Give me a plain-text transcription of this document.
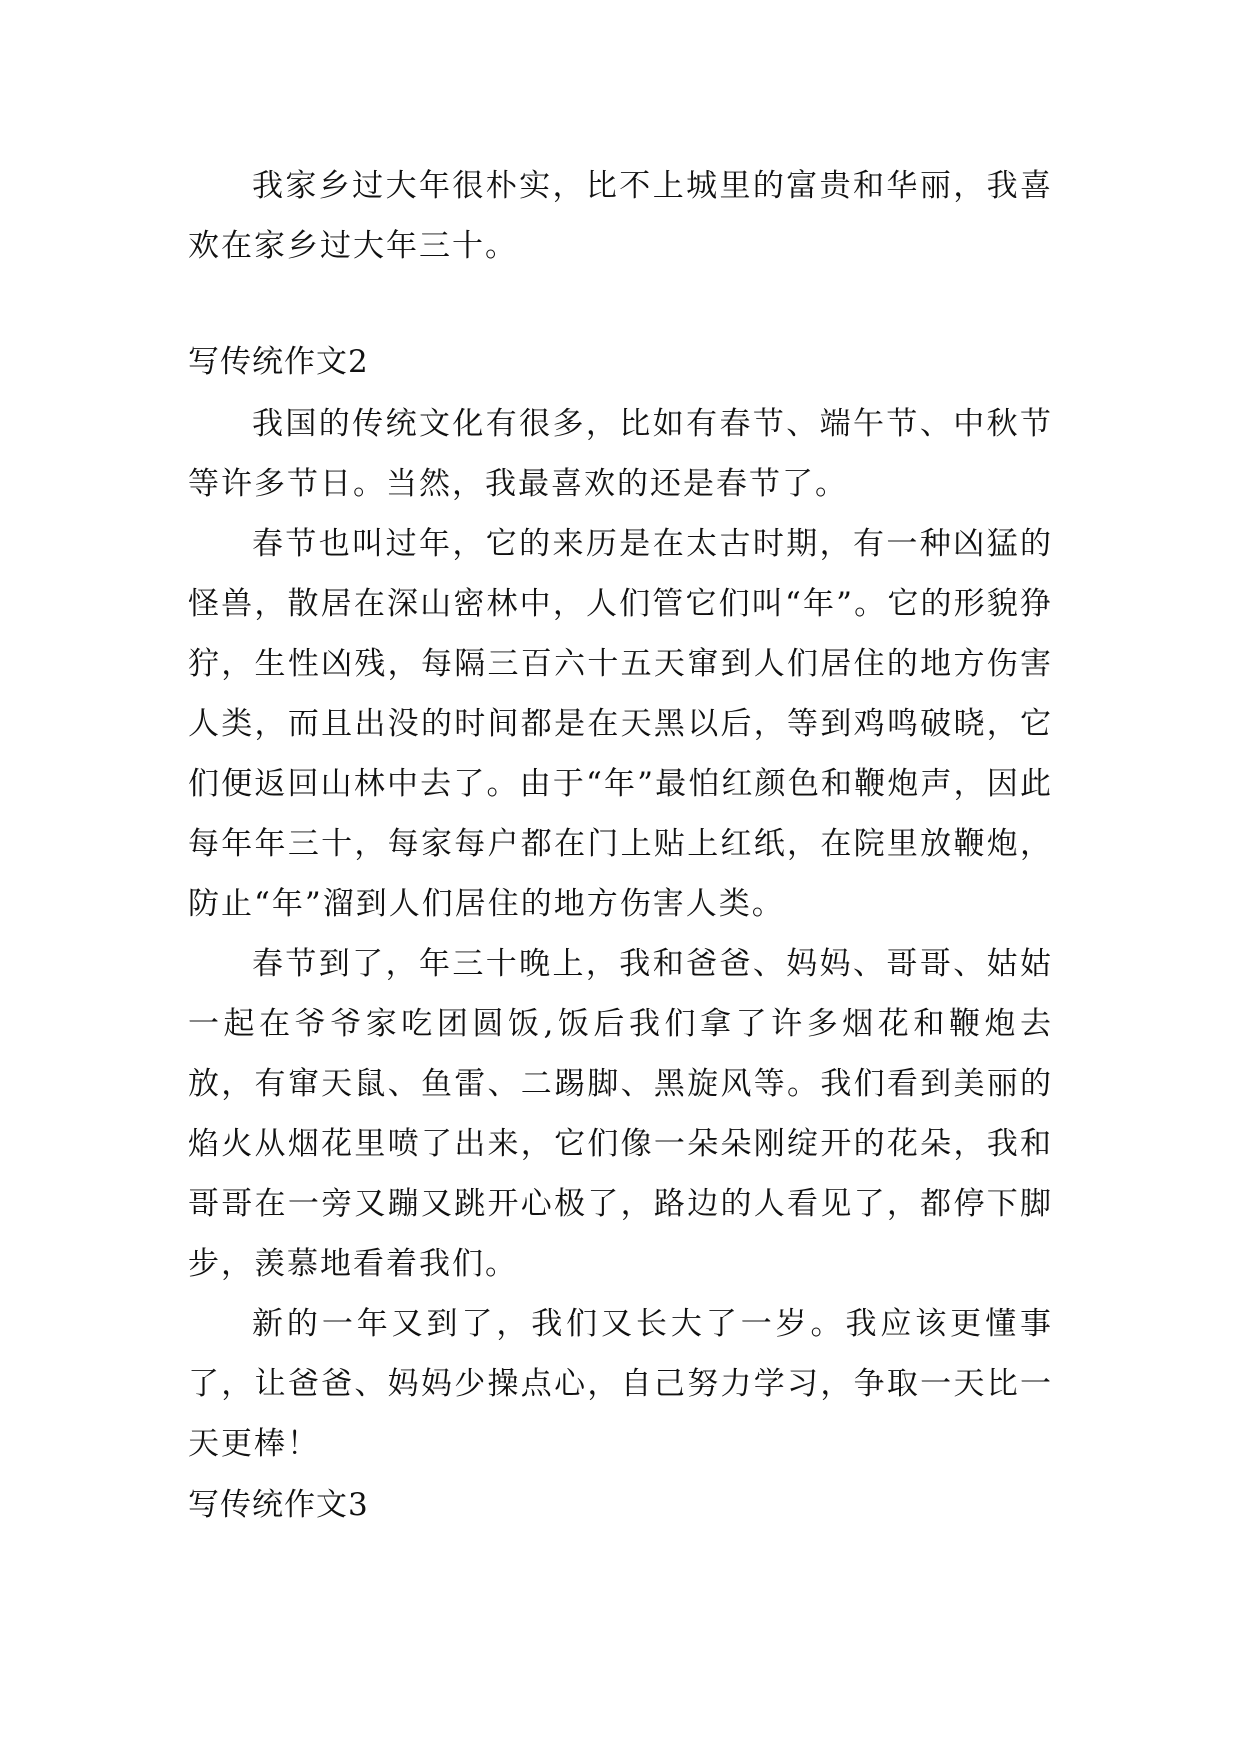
我家乡过大年很朴实，比不上城里的富贵和华丽，我喜欢在家乡过大年三十。

写传统作文2

我国的传统文化有很多，比如有春节、端午节、中秋节等许多节日。当然，我最喜欢的还是春节了。

春节也叫过年，它的来历是在太古时期，有一种凶猛的怪兽，散居在深山密林中，人们管它们叫“年”。它的形貌狰狞，生性凶残，每隔三百六十五天窜到人们居住的地方伤害人类，而且出没的时间都是在天黑以后，等到鸡鸣破晓，它们便返回山林中去了。由于“年”最怕红颜色和鞭炮声，因此每年年三十，每家每户都在门上贴上红纸，在院里放鞭炮，防止“年”溜到人们居住的地方伤害人类。

春节到了，年三十晚上，我和爸爸、妈妈、哥哥、姑姑一起在爷爷家吃团圆饭,饭后我们拿了许多烟花和鞭炮去放，有窜天鼠、鱼雷、二踢脚、黑旋风等。我们看到美丽的焰火从烟花里喷了出来，它们像一朵朵刚绽开的花朵，我和哥哥在一旁又蹦又跳开心极了，路边的人看见了，都停下脚步，羡慕地看着我们。

新的一年又到了，我们又长大了一岁。我应该更懂事了，让爸爸、妈妈少操点心，自己努力学习，争取一天比一天更棒！

写传统作文3
